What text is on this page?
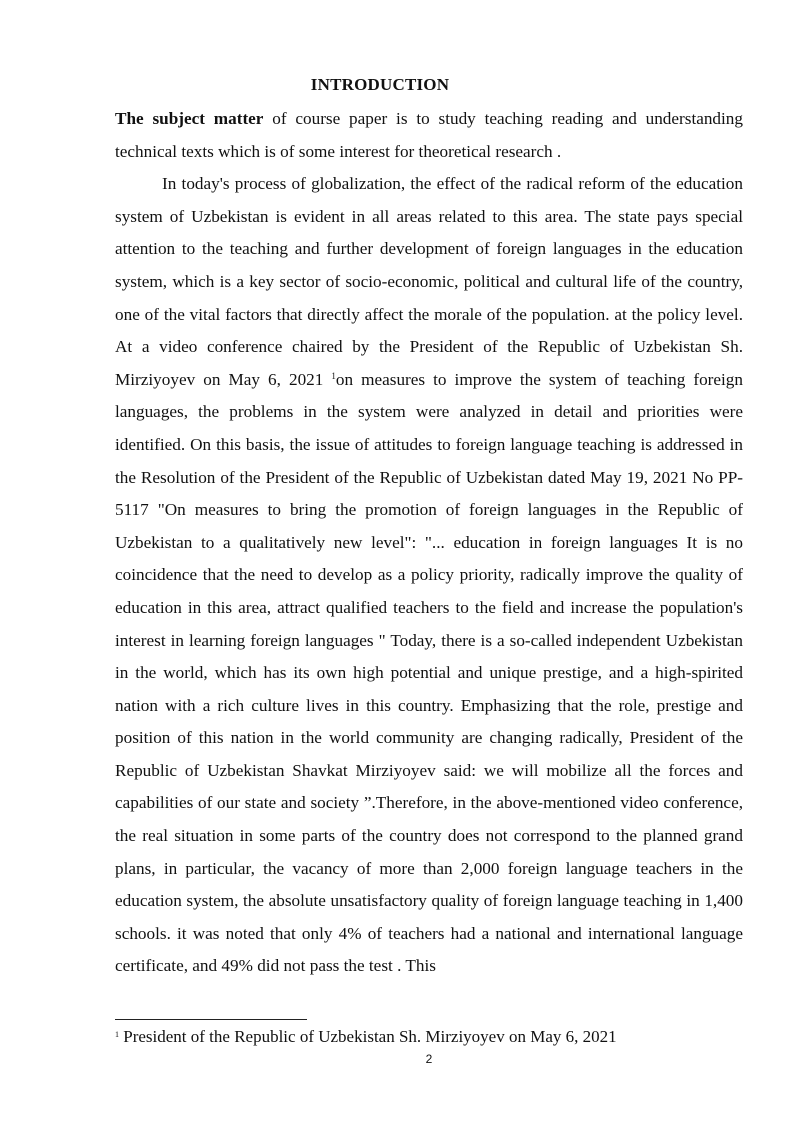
INTRODUCTION

The subject matter of course paper is to study teaching reading and understanding technical texts which is of some interest for theoretical research .

In today's process of globalization, the effect of the radical reform of the education system of Uzbekistan is evident in all areas related to this area. The state pays special attention to the teaching and further development of foreign languages in the education system, which is a key sector of socio-economic, political and cultural life of the country, one of the vital factors that directly affect the morale of the population. at the policy level. At a video conference chaired by the President of the Republic of Uzbekistan Sh. Mirziyoyev on May 6, 2021 $^1$on measures to improve the system of teaching foreign languages, the problems in the system were analyzed in detail and priorities were identified. On this basis, the issue of attitudes to foreign language teaching is addressed in the Resolution of the President of the Republic of Uzbekistan dated May 19, 2021 No PP-5117 "On measures to bring the promotion of foreign languages in the Republic of Uzbekistan to a qualitatively new level": "... education in foreign languages It is no coincidence that the need to develop as a policy priority, radically improve the quality of education in this area, attract qualified teachers to the field and increase the population's interest in learning foreign languages " Today, there is a so-called independent Uzbekistan in the world, which has its own high potential and unique prestige, and a high-spirited nation with a rich culture lives in this country. Emphasizing that the role, prestige and position of this nation in the world community are changing radically, President of the Republic of Uzbekistan Shavkat Mirziyoyev said: we will mobilize all the forces and capabilities of our state and society ”.Therefore, in the above-mentioned video conference, the real situation in some parts of the country does not correspond to the planned grand plans, in particular, the vacancy of more than 2,000 foreign language teachers in the education system, the absolute unsatisfactory quality of foreign language teaching in 1,400 schools. it was noted that only 4% of teachers had a national and international language certificate, and 49% did not pass the test . This

$^1$ President of the Republic of Uzbekistan Sh. Mirziyoyev on May 6, 2021
2
